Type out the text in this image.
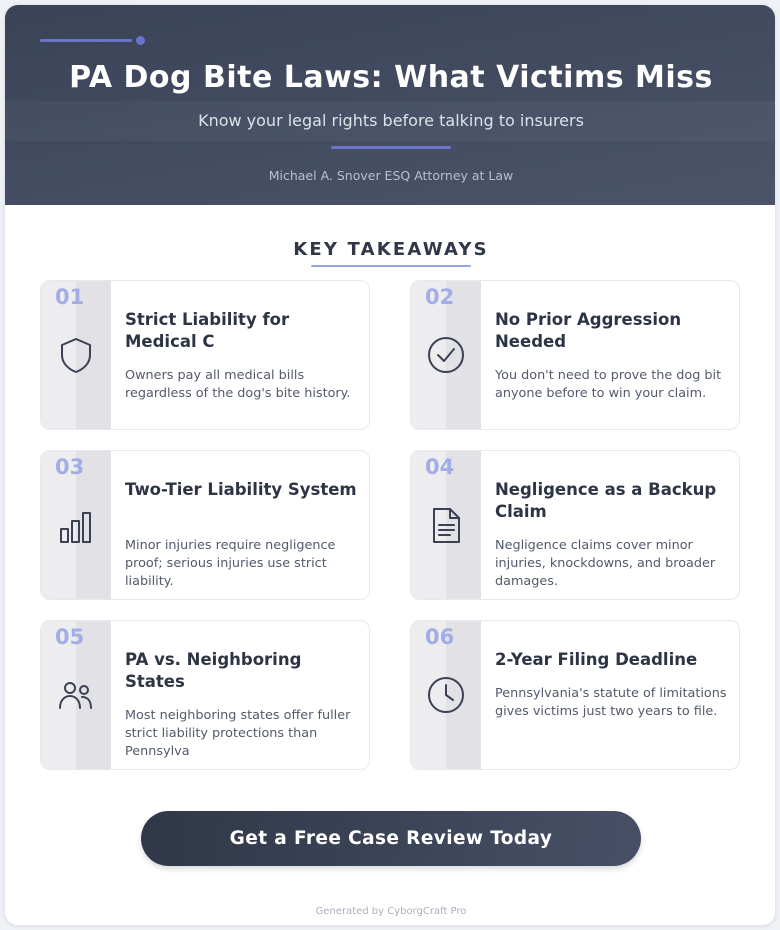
PA Dog Bite Laws: What Victims Miss
Know your legal rights before talking to insurers
Michael A. Snover ESQ Attorney at Law
KEY TAKEAWAYS
01
Strict Liability for Medical C
Owners pay all medical bills regardless of the dog's bite history.
02
No Prior Aggression Needed
You don't need to prove the dog bit anyone before to win your claim.
03
Two-Tier Liability System
Minor injuries require negligence proof; serious injuries use strict liability.
04
Negligence as a Backup Claim
Negligence claims cover minor injuries, knockdowns, and broader damages.
05
PA vs. Neighboring States
Most neighboring states offer fuller strict liability protections than Pennsylva
06
2-Year Filing Deadline
Pennsylvania's statute of limitations gives victims just two years to file.
Get a Free Case Review Today
Generated by CyborgCraft Pro
